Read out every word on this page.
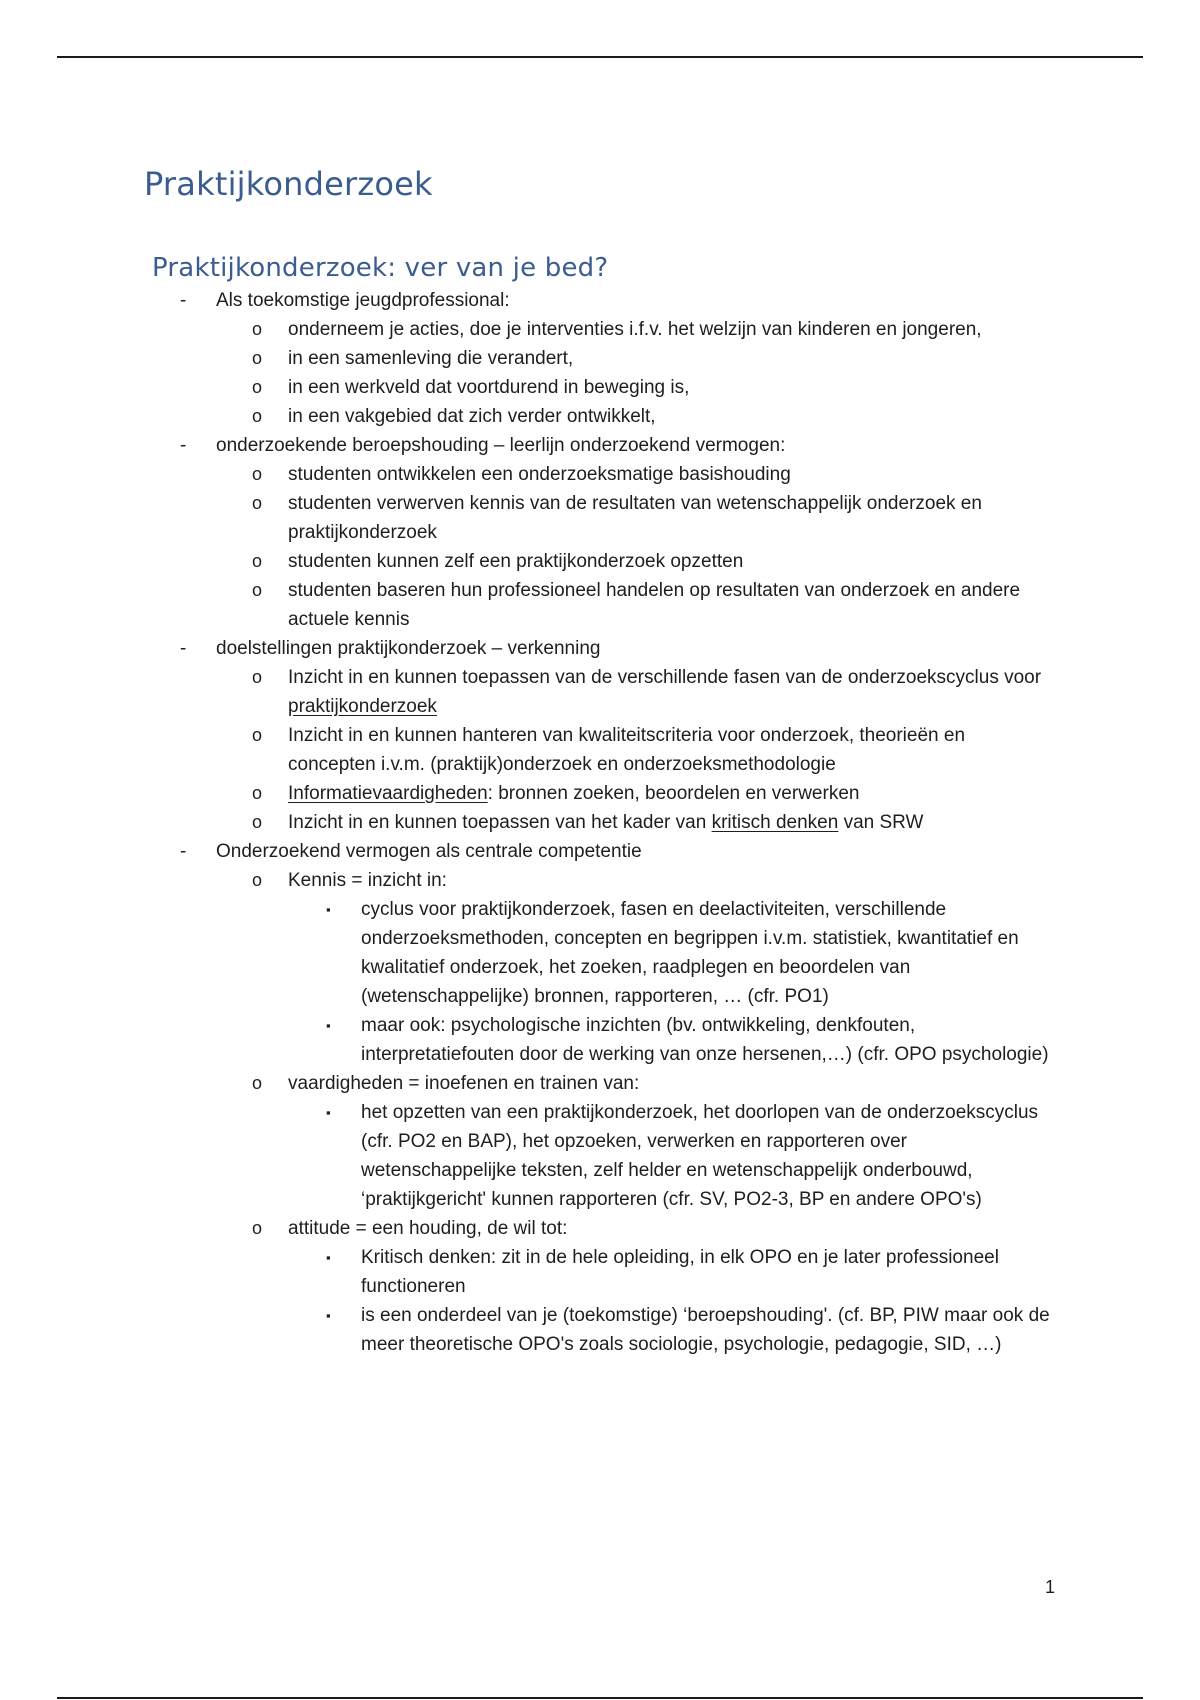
Praktijkonderzoek
Praktijkonderzoek: ver van je bed?
- Als toekomstige jeugdprofessional:
o onderneem je acties, doe je interventies i.f.v. het welzijn van kinderen en jongeren,
o in een samenleving die verandert,
o in een werkveld dat voortdurend in beweging is,
o in een vakgebied dat zich verder ontwikkelt,
- onderzoekende beroepshouding – leerlijn onderzoekend vermogen:
o studenten ontwikkelen een onderzoeksmatige basishouding
o studenten verwerven kennis van de resultaten van wetenschappelijk onderzoek en praktijkonderzoek
o studenten kunnen zelf een praktijkonderzoek opzetten
o studenten baseren hun professioneel handelen op resultaten van onderzoek en andere actuele kennis
- doelstellingen praktijkonderzoek – verkenning
o Inzicht in en kunnen toepassen van de verschillende fasen van de onderzoekscyclus voor praktijkonderzoek
o Inzicht in en kunnen hanteren van kwaliteitscriteria voor onderzoek, theorieën en concepten i.v.m. (praktijk)onderzoek en onderzoeksmethodologie
o Informatievaardigheden: bronnen zoeken, beoordelen en verwerken
o Inzicht in en kunnen toepassen van het kader van kritisch denken van SRW
- Onderzoekend vermogen als centrale competentie
o Kennis = inzicht in:
▪ cyclus voor praktijkonderzoek, fasen en deelactiviteiten, verschillende onderzoeksmethoden, concepten en begrippen i.v.m. statistiek, kwantitatief en kwalitatief onderzoek, het zoeken, raadplegen en beoordelen van (wetenschappelijke) bronnen, rapporteren, … (cfr. PO1)
▪ maar ook: psychologische inzichten (bv. ontwikkeling, denkfouten, interpretatiefouten door de werking van onze hersenen,…) (cfr. OPO psychologie)
o vaardigheden = inoefenen en trainen van:
▪ het opzetten van een praktijkonderzoek, het doorlopen van de onderzoekscyclus (cfr. PO2 en BAP), het opzoeken, verwerken en rapporteren over wetenschappelijke teksten, zelf helder en wetenschappelijk onderbouwd, ‘praktijkgericht' kunnen rapporteren (cfr. SV, PO2-3, BP en andere OPO's)
o attitude = een houding, de wil tot:
▪ Kritisch denken: zit in de hele opleiding, in elk OPO en je later professioneel functioneren
▪ is een onderdeel van je (toekomstige) ‘beroepshouding'. (cf. BP, PIW maar ook de meer theoretische OPO's zoals sociologie, psychologie, pedagogie, SID, …)
1
